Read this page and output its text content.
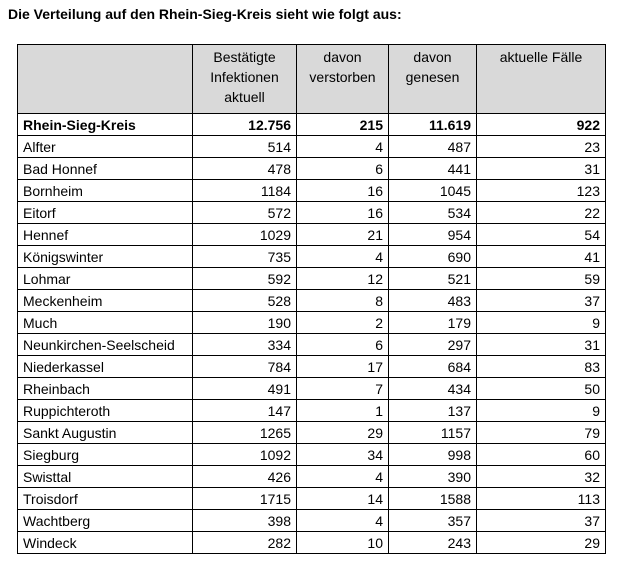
Die Verteilung auf den Rhein-Sieg-Kreis sieht wie folgt aus:
	Bestätigte Infektionen aktuell	davon verstorben	davon genesen	aktuelle Fälle
Rhein-Sieg-Kreis	12.756	215	11.619	922
Alfter	514	4	487	23
Bad Honnef	478	6	441	31
Bornheim	1184	16	1045	123
Eitorf	572	16	534	22
Hennef	1029	21	954	54
Königswinter	735	4	690	41
Lohmar	592	12	521	59
Meckenheim	528	8	483	37
Much	190	2	179	9
Neunkirchen-Seelscheid	334	6	297	31
Niederkassel	784	17	684	83
Rheinbach	491	7	434	50
Ruppichteroth	147	1	137	9
Sankt Augustin	1265	29	1157	79
Siegburg	1092	34	998	60
Swisttal	426	4	390	32
Troisdorf	1715	14	1588	113
Wachtberg	398	4	357	37
Windeck	282	10	243	29
